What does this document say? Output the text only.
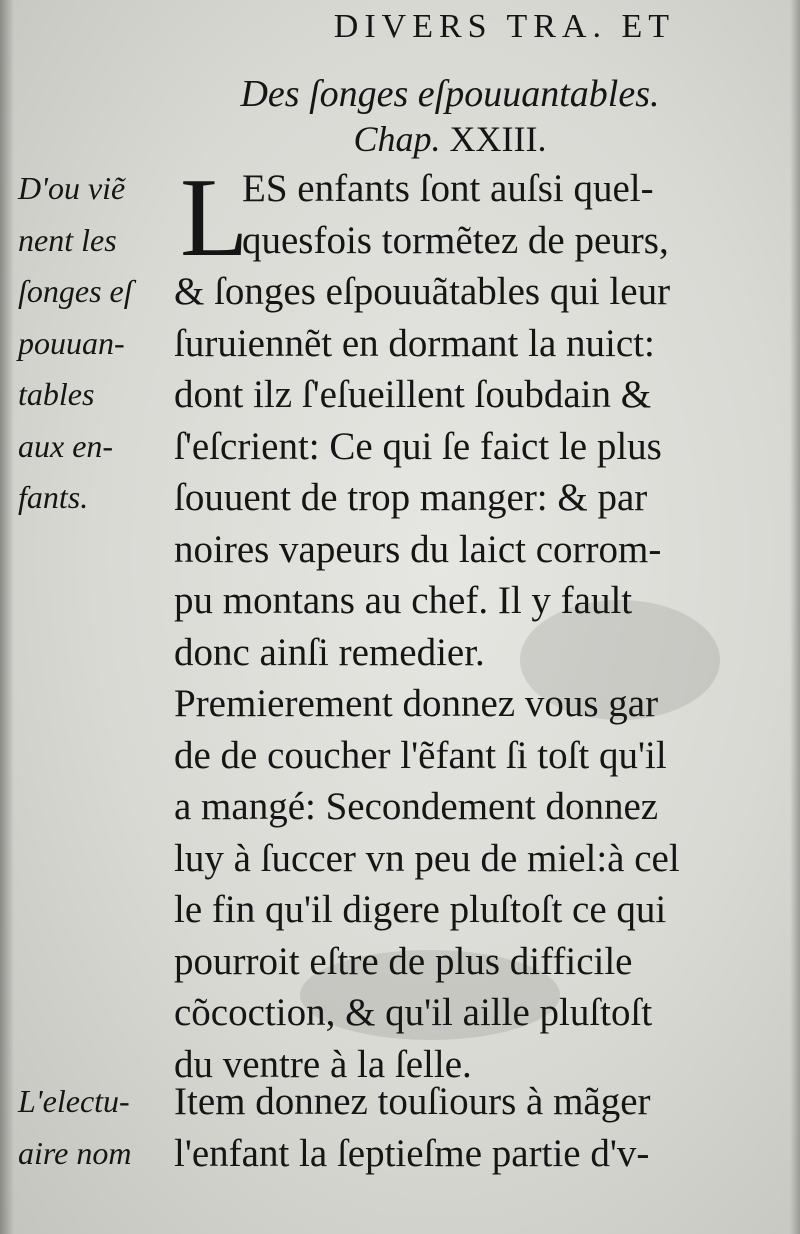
DIVERS TRA. ET
Des ſonges eſpouuantables.
Chap. XXIII.
D'ou viẽ
nent les
ſonges eſ
pouuan-
tables
aux en-
fants.
L
ES enfants ſont auſsi quel-
quesfois tormẽtez de peurs,
& ſonges eſpouuãtables qui leur
ſuruiennẽt en dormant la nuict:
dont ilz ſ'eſueillent ſoubdain &
ſ'eſcrient: Ce qui ſe faict le plus
ſouuent de trop manger: & par
noires vapeurs du laict corrom-
pu montans au chef. Il y fault
donc ainſi remedier.
Premierement donnez vous gar
de de coucher l'ẽfant ſi toſt qu'il
a mangé: Secondement donnez
luy à ſuccer vn peu de miel:à cel
le fin qu'il digere pluſtoſt ce qui
pourroit eſtre de plus difficile
cõcoction, & qu'il aille pluſtoſt
du ventre à la ſelle.
L'electu-
aire nom
Item donnez touſiours à mãger
l'enfant la ſeptieſme partie d'v-
